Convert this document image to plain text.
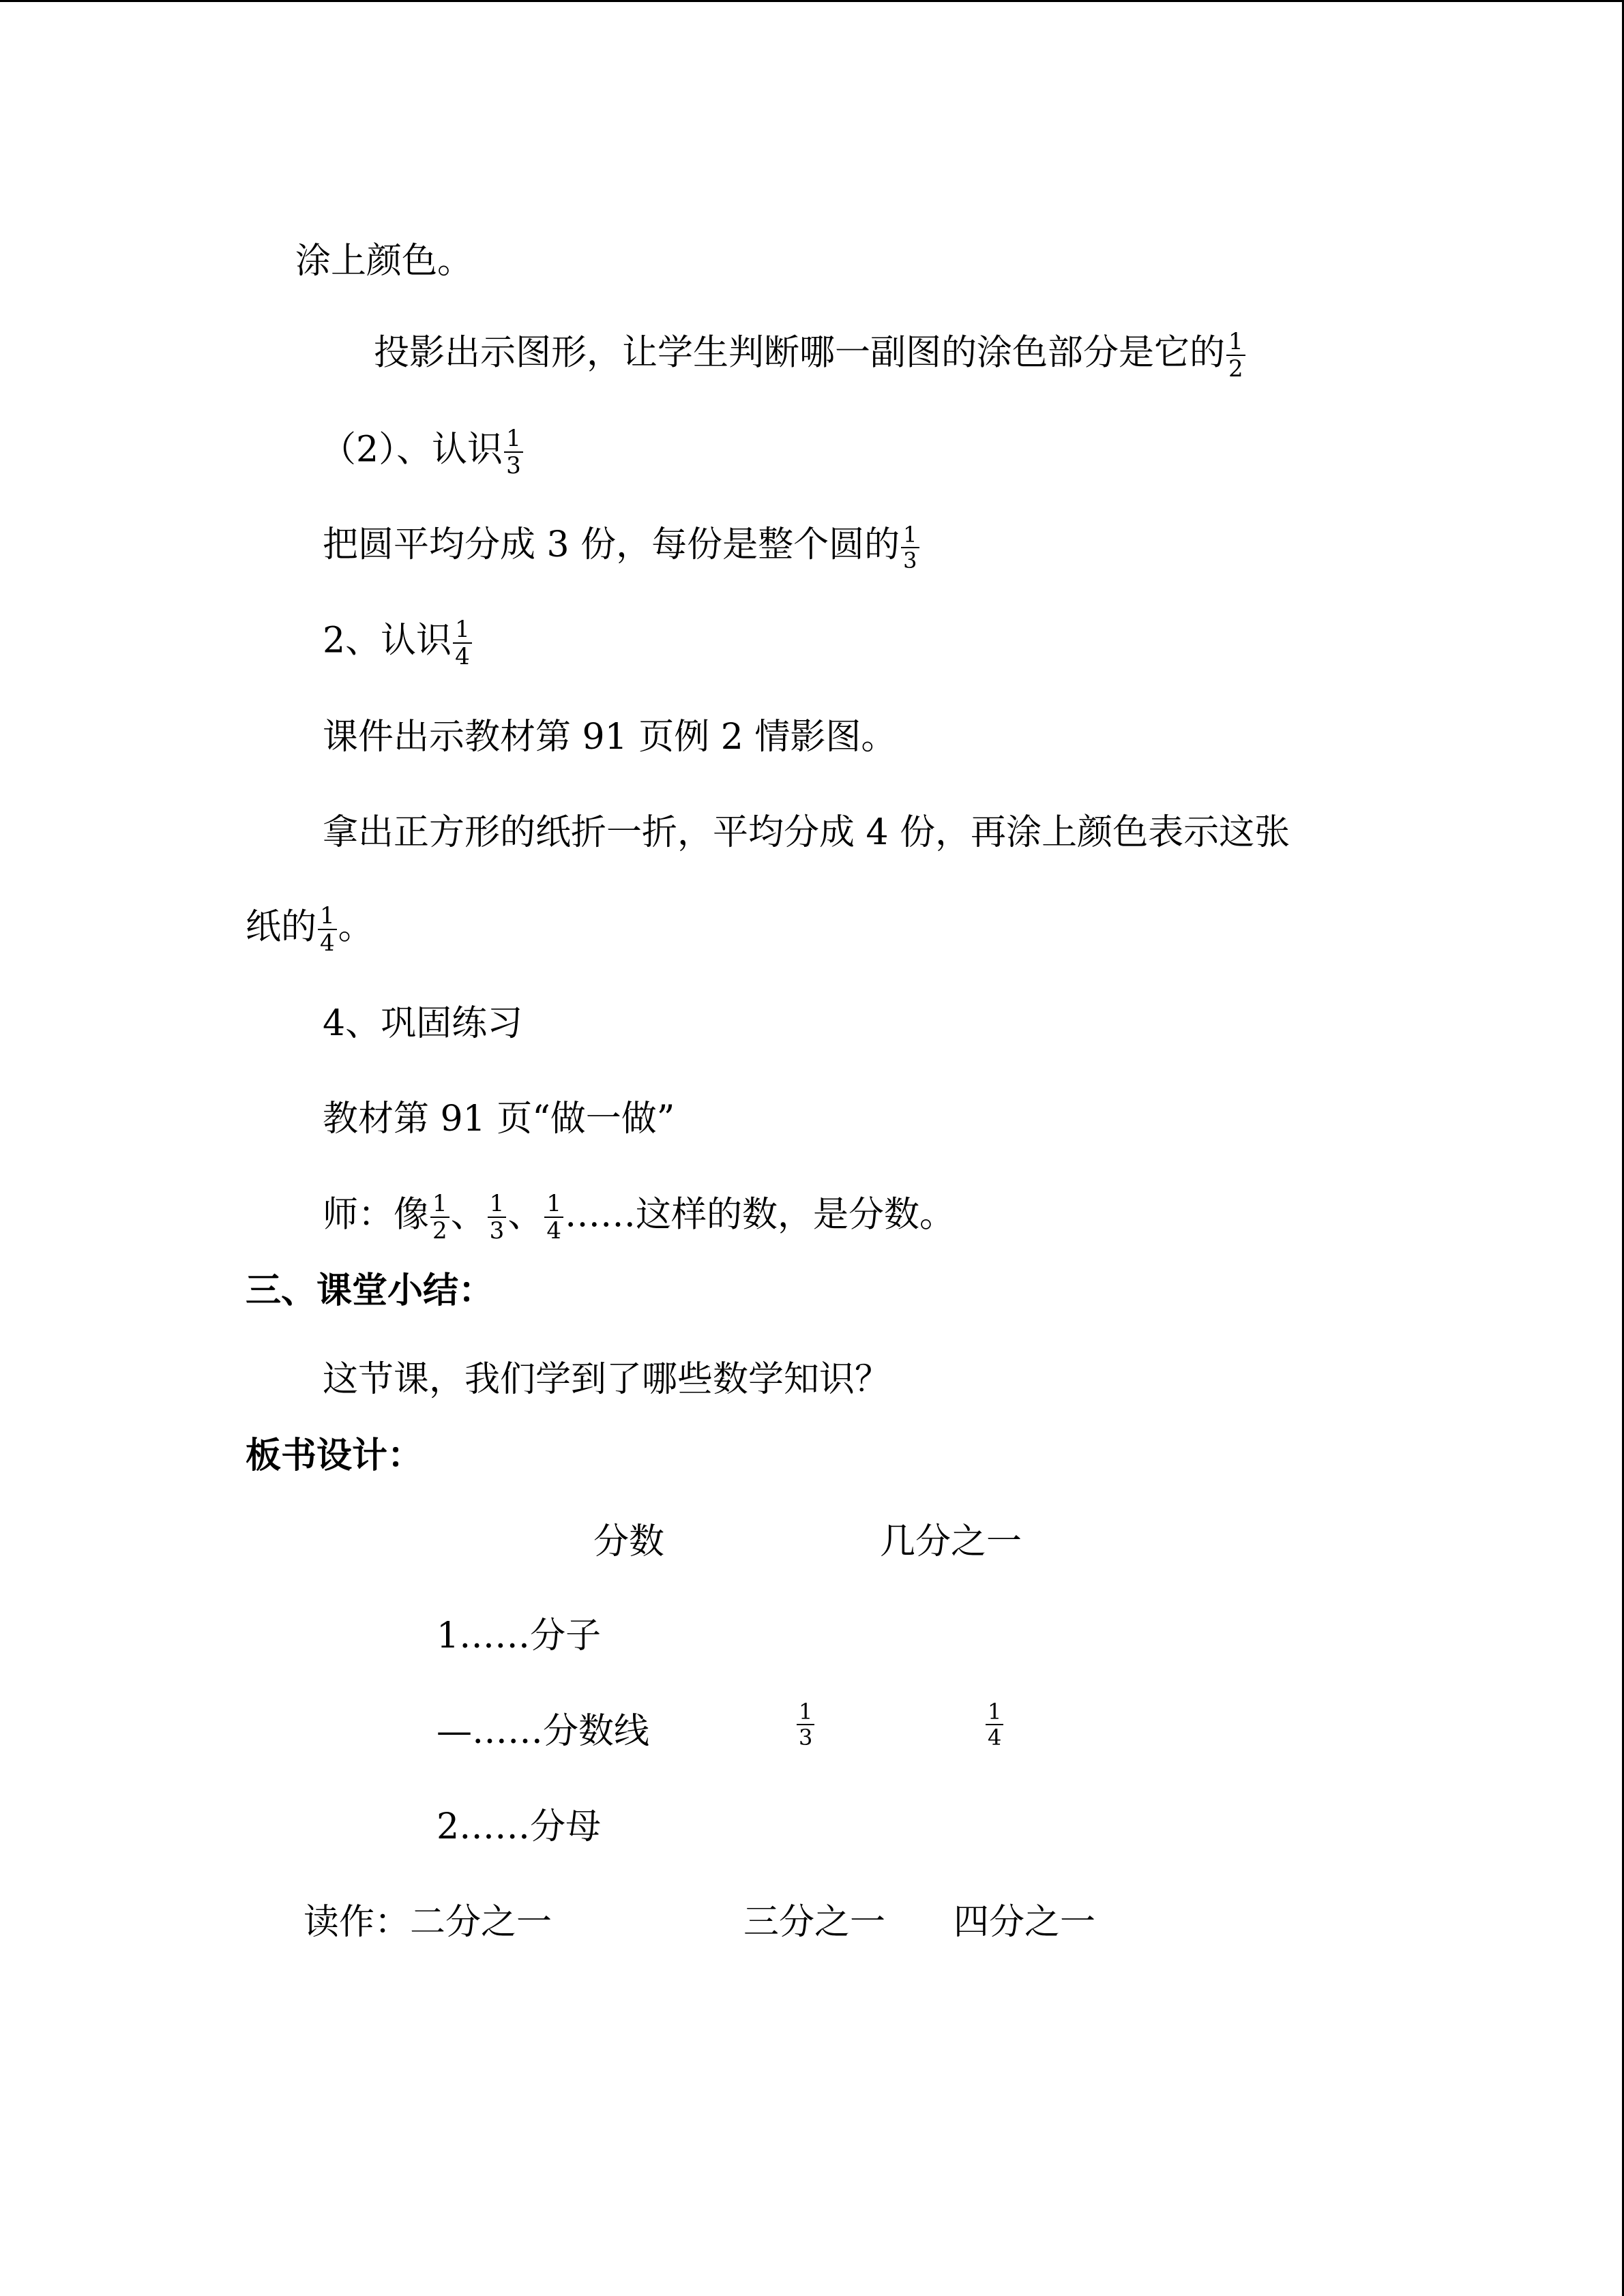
涂上颜色。
投影出示图形，让学生判断哪一副图的涂色部分是它的 $\frac{1}{2}$
（2）、认识 $\frac{1}{3}$
把圆平均分成 3 份，每份是整个圆的 $\frac{1}{3}$
2、认识 $\frac{1}{4}$
课件出示教材第 91 页例 2 情影图。
拿出正方形的纸折一折，平均分成 4 份，再涂上颜色表示这张
纸的 $\frac{1}{4}$ 。
4、巩固练习
教材第 91 页“做一做”
师：像 $\frac{1}{2}$ 、 $\frac{1}{3}$ 、 $\frac{1}{4}$ ……这样的数，是分数。
三、课堂小结：
这节课，我们学到了哪些数学知识？
板书设计：
分数	几分之一
1……分子
—……分数线	$\frac{1}{3}$	$\frac{1}{4}$
2……分母
读作：二分之一	三分之一 四分之一
